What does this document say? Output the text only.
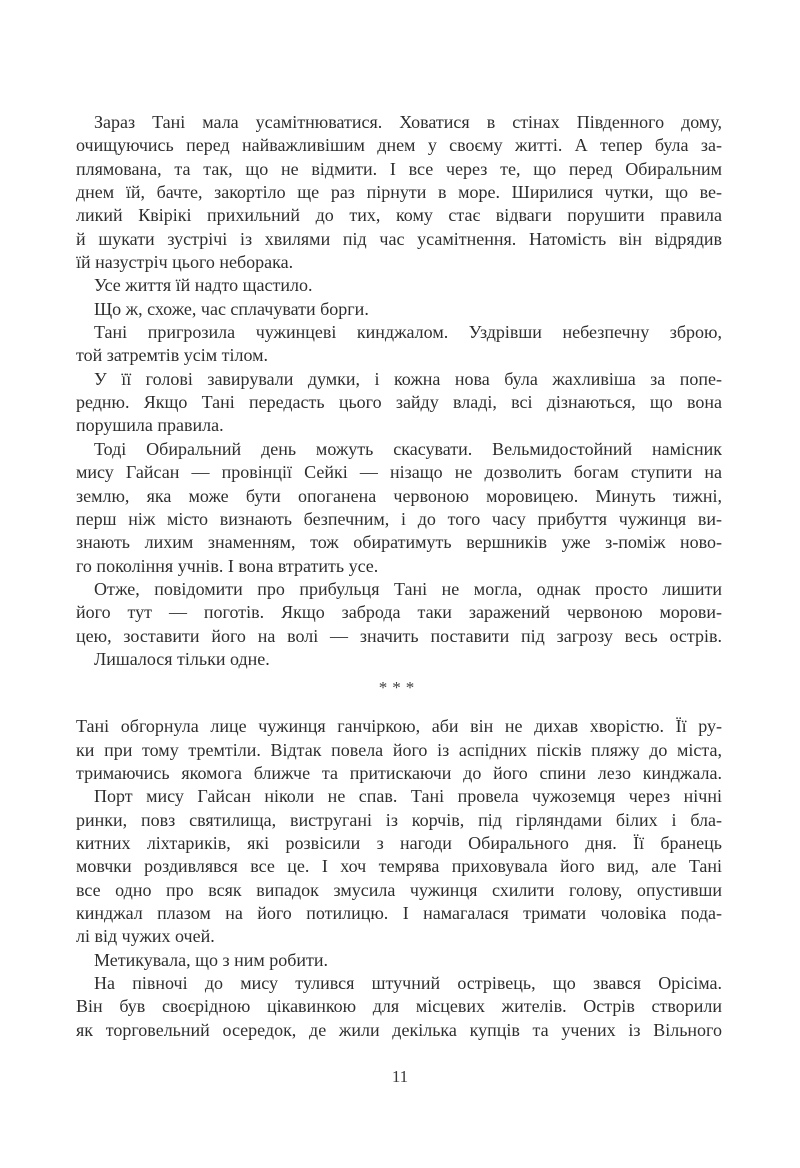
Зараз Тані мала усамітнюватися. Ховатися в стінах Південного дому,
очищуючись перед найважливішим днем у своєму житті. А тепер була за-
плямована, та так, що не відмити. І все через те, що перед Обиральним
днем їй, бачте, закортіло ще раз пірнути в море. Ширилися чутки, що ве-
ликий Квірікі прихильний до тих, кому стає відваги порушити правила
й шукати зустрічі із хвилями під час усамітнення. Натомість він відрядив
їй назустріч цього неборака.
Усе життя їй надто щастило.
Що ж, схоже, час сплачувати борги.
Тані пригрозила чужинцеві кинджалом. Уздрівши небезпечну зброю,
той затремтів усім тілом.
У її голові завирували думки, і кожна нова була жахливіша за попе-
редню. Якщо Тані передасть цього зайду владі, всі дізнаються, що вона
порушила правила.
Тоді Обиральний день можуть скасувати. Вельмидостойний намісник
мису Гайсан — провінції Сейкі — нізащо не дозволить богам ступити на
землю, яка може бути опоганена червоною моровицею. Минуть тижні,
перш ніж місто визнають безпечним, і до того часу прибуття чужинця ви-
знають лихим знаменням, тож обиратимуть вершників уже з-поміж ново-
го покоління учнів. І вона втратить усе.
Отже, повідомити про прибульця Тані не могла, однак просто лишити
його тут — поготів. Якщо заброда таки заражений червоною морови-
цею, зоставити його на волі — значить поставити під загрозу весь острів.
Лишалося тільки одне.
***
Тані обгорнула лице чужинця ганчіркою, аби він не дихав хворістю. Її ру-
ки при тому тремтіли. Відтак повела його із аспідних пісків пляжу до міста,
тримаючись якомога ближче та притискаючи до його спини лезо кинджала.
Порт мису Гайсан ніколи не спав. Тані провела чужоземця через нічні
ринки, повз святилища, вистругані із корчів, під гірляндами білих і бла-
китних ліхтариків, які розвісили з нагоди Обирального дня. Її бранець
мовчки роздивлявся все це. І хоч темрява приховувала його вид, але Тані
все одно про всяк випадок змусила чужинця схилити голову, опустивши
кинджал плазом на його потилицю. І намагалася тримати чоловіка пода-
лі від чужих очей.
Метикувала, що з ним робити.
На півночі до мису тулився штучний острівець, що звався Орісіма.
Він був своєрідною цікавинкою для місцевих жителів. Острів створили
як торговельний осередок, де жили декілька купців та учених із Вільного
11
